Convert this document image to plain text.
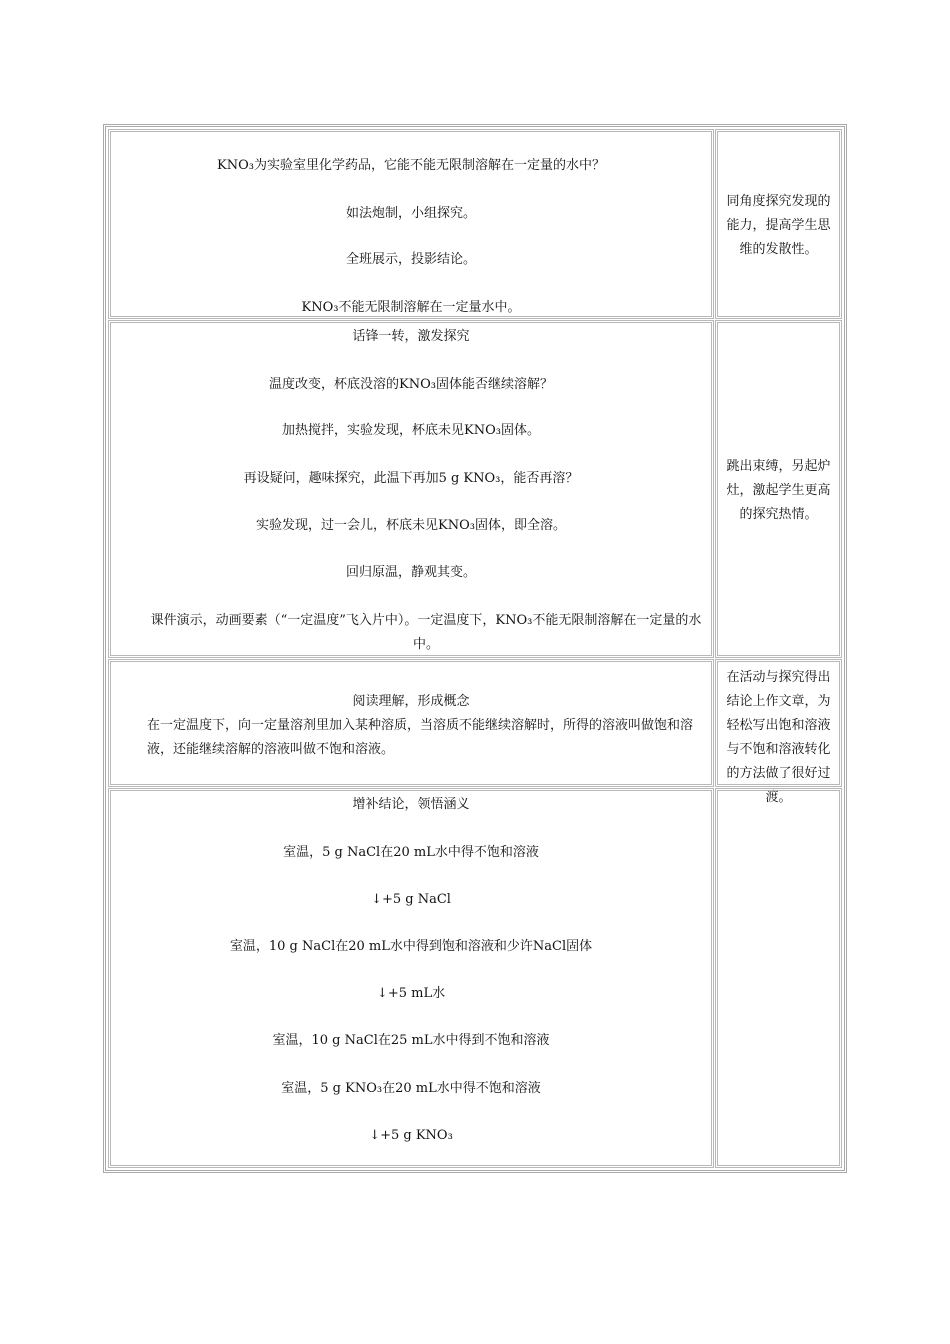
KNO₃为实验室里化学药品，它能不能无限制溶解在一定量的水中？
如法炮制，小组探究。
全班展示，投影结论。
KNO₃不能无限制溶解在一定量水中。
同角度探究发现的能力，提高学生思维的发散性。
话锋一转，激发探究
温度改变，杯底没溶的KNO₃固体能否继续溶解？
加热搅拌，实验发现，杯底未见KNO₃固体。
再设疑问，趣味探究，此温下再加5 g KNO₃，能否再溶？
实验发现，过一会儿，杯底未见KNO₃固体，即全溶。
回归原温，静观其变。
课件演示，动画要素（“一定温度”飞入片中）。一定温度下，KNO₃不能无限制溶解在一定量的水中。
跳出束缚，另起炉灶，激起学生更高的探究热情。
阅读理解，形成概念
在一定温度下，向一定量溶剂里加入某种溶质，当溶质不能继续溶解时，所得的溶液叫做饱和溶液，还能继续溶解的溶液叫做不饱和溶液。
在活动与探究得出结论上作文章，为轻松写出饱和溶液与不饱和溶液转化的方法做了很好过渡。
增补结论，领悟涵义
室温，5 g NaCl在20 mL水中得不饱和溶液
↓+5 g NaCl
室温，10 g NaCl在20 mL水中得到饱和溶液和少许NaCl固体
↓+5 mL水
室温，10 g NaCl在25 mL水中得到不饱和溶液
室温，5 g KNO₃在20 mL水中得不饱和溶液
↓+5 g KNO₃
